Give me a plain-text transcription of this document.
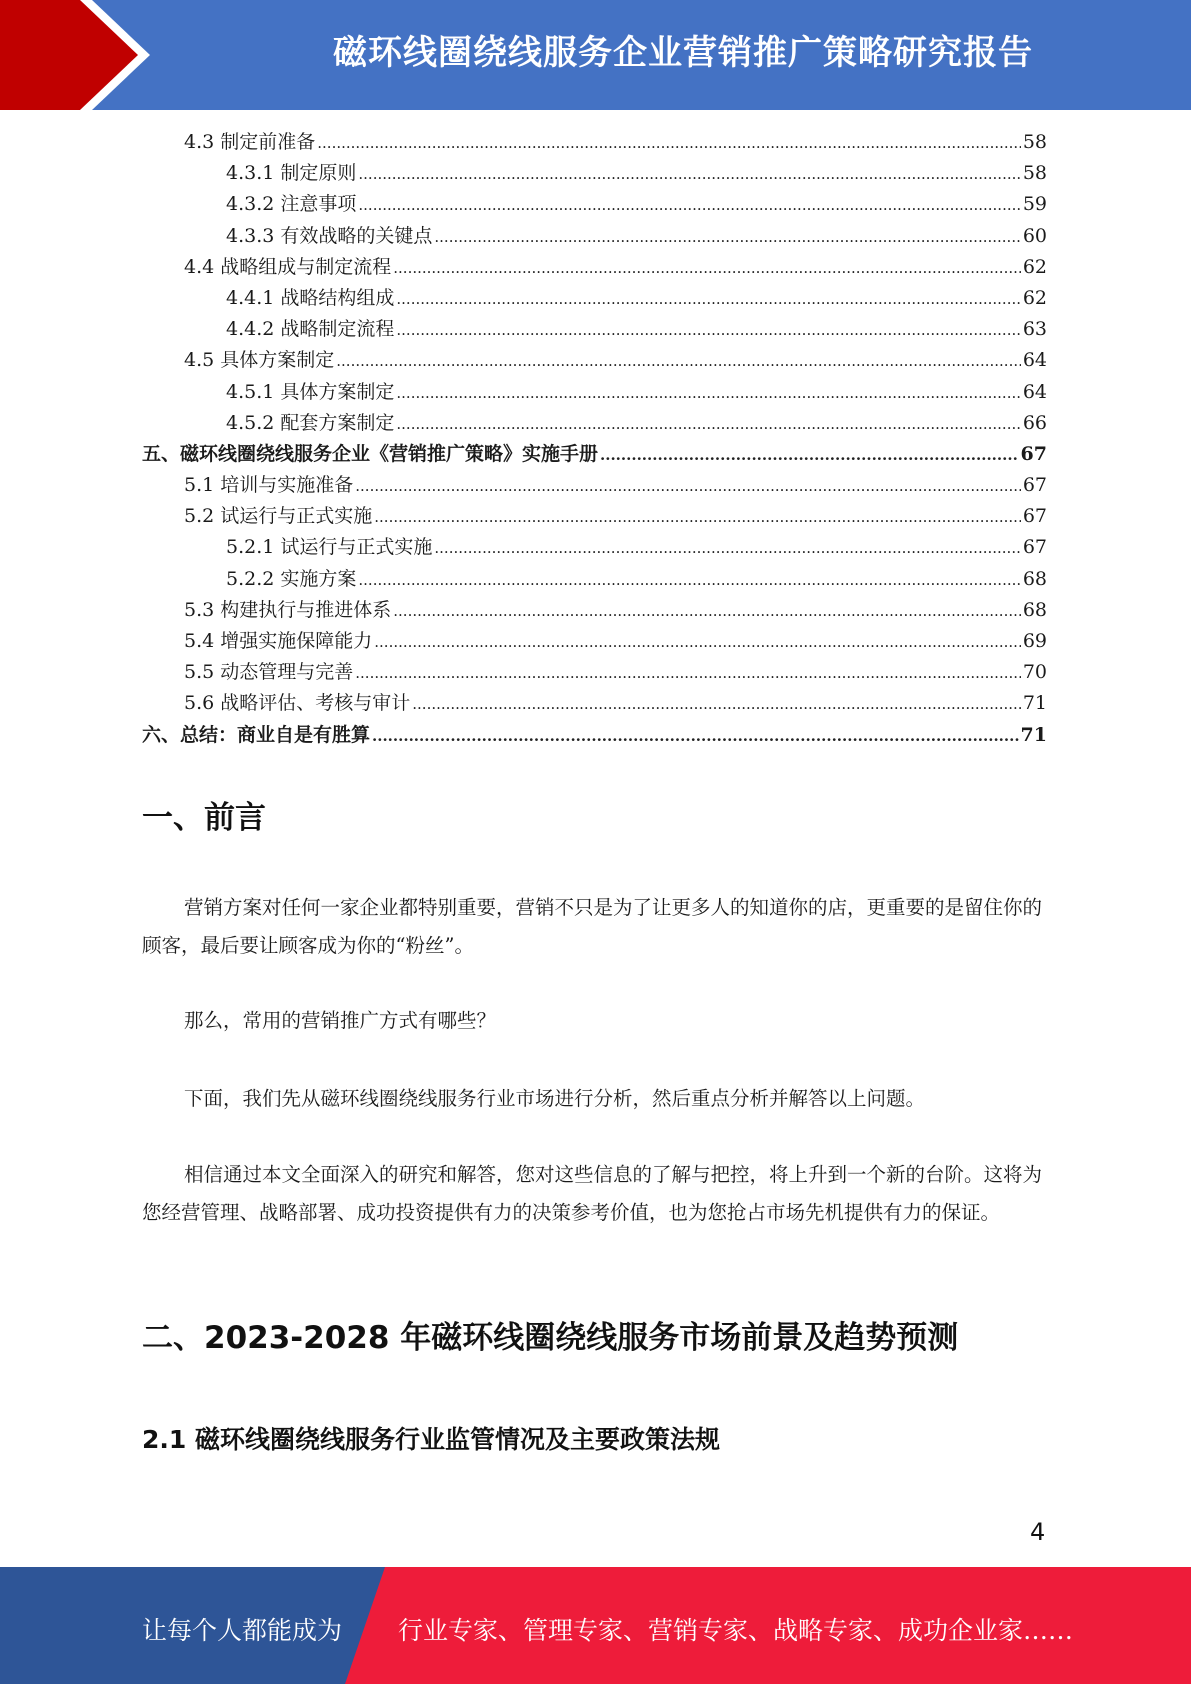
磁环线圈绕线服务企业营销推广策略研究报告
4.3 制定前准备 .....	58
4.3.1 制定原则 .....	58
4.3.2 注意事项 .....	59
4.3.3 有效战略的关键点 .....	60
4.4 战略组成与制定流程 .....	62
4.4.1 战略结构组成 .....	62
4.4.2 战略制定流程 .....	63
4.5 具体方案制定 .....	64
4.5.1 具体方案制定 .....	64
4.5.2 配套方案制定 .....	66
五、磁环线圈绕线服务企业《营销推广策略》实施手册 .....	67
5.1 培训与实施准备 .....	67
5.2 试运行与正式实施 .....	67
5.2.1 试运行与正式实施 .....	67
5.2.2 实施方案 .....	68
5.3 构建执行与推进体系 .....	68
5.4 增强实施保障能力 .....	69
5.5 动态管理与完善 .....	70
5.6 战略评估、考核与审计 .....	71
六、总结：商业自是有胜算 .....	71
一、前言

营销方案对任何一家企业都特别重要，营销不只是为了让更多人的知道你的店，更重要的是留住你的顾客，最后要让顾客成为你的“粉丝”。

那么，常用的营销推广方式有哪些？

下面，我们先从磁环线圈绕线服务行业市场进行分析，然后重点分析并解答以上问题。

相信通过本文全面深入的研究和解答，您对这些信息的了解与把控，将上升到一个新的台阶。这将为您经营管理、战略部署、成功投资提供有力的决策参考价值，也为您抢占市场先机提供有力的保证。

二、2023-2028 年磁环线圈绕线服务市场前景及趋势预测
2.1 磁环线圈绕线服务行业监管情况及主要政策法规
4
让每个人都能成为 行业专家、管理专家、营销专家、战略专家、成功企业家……
